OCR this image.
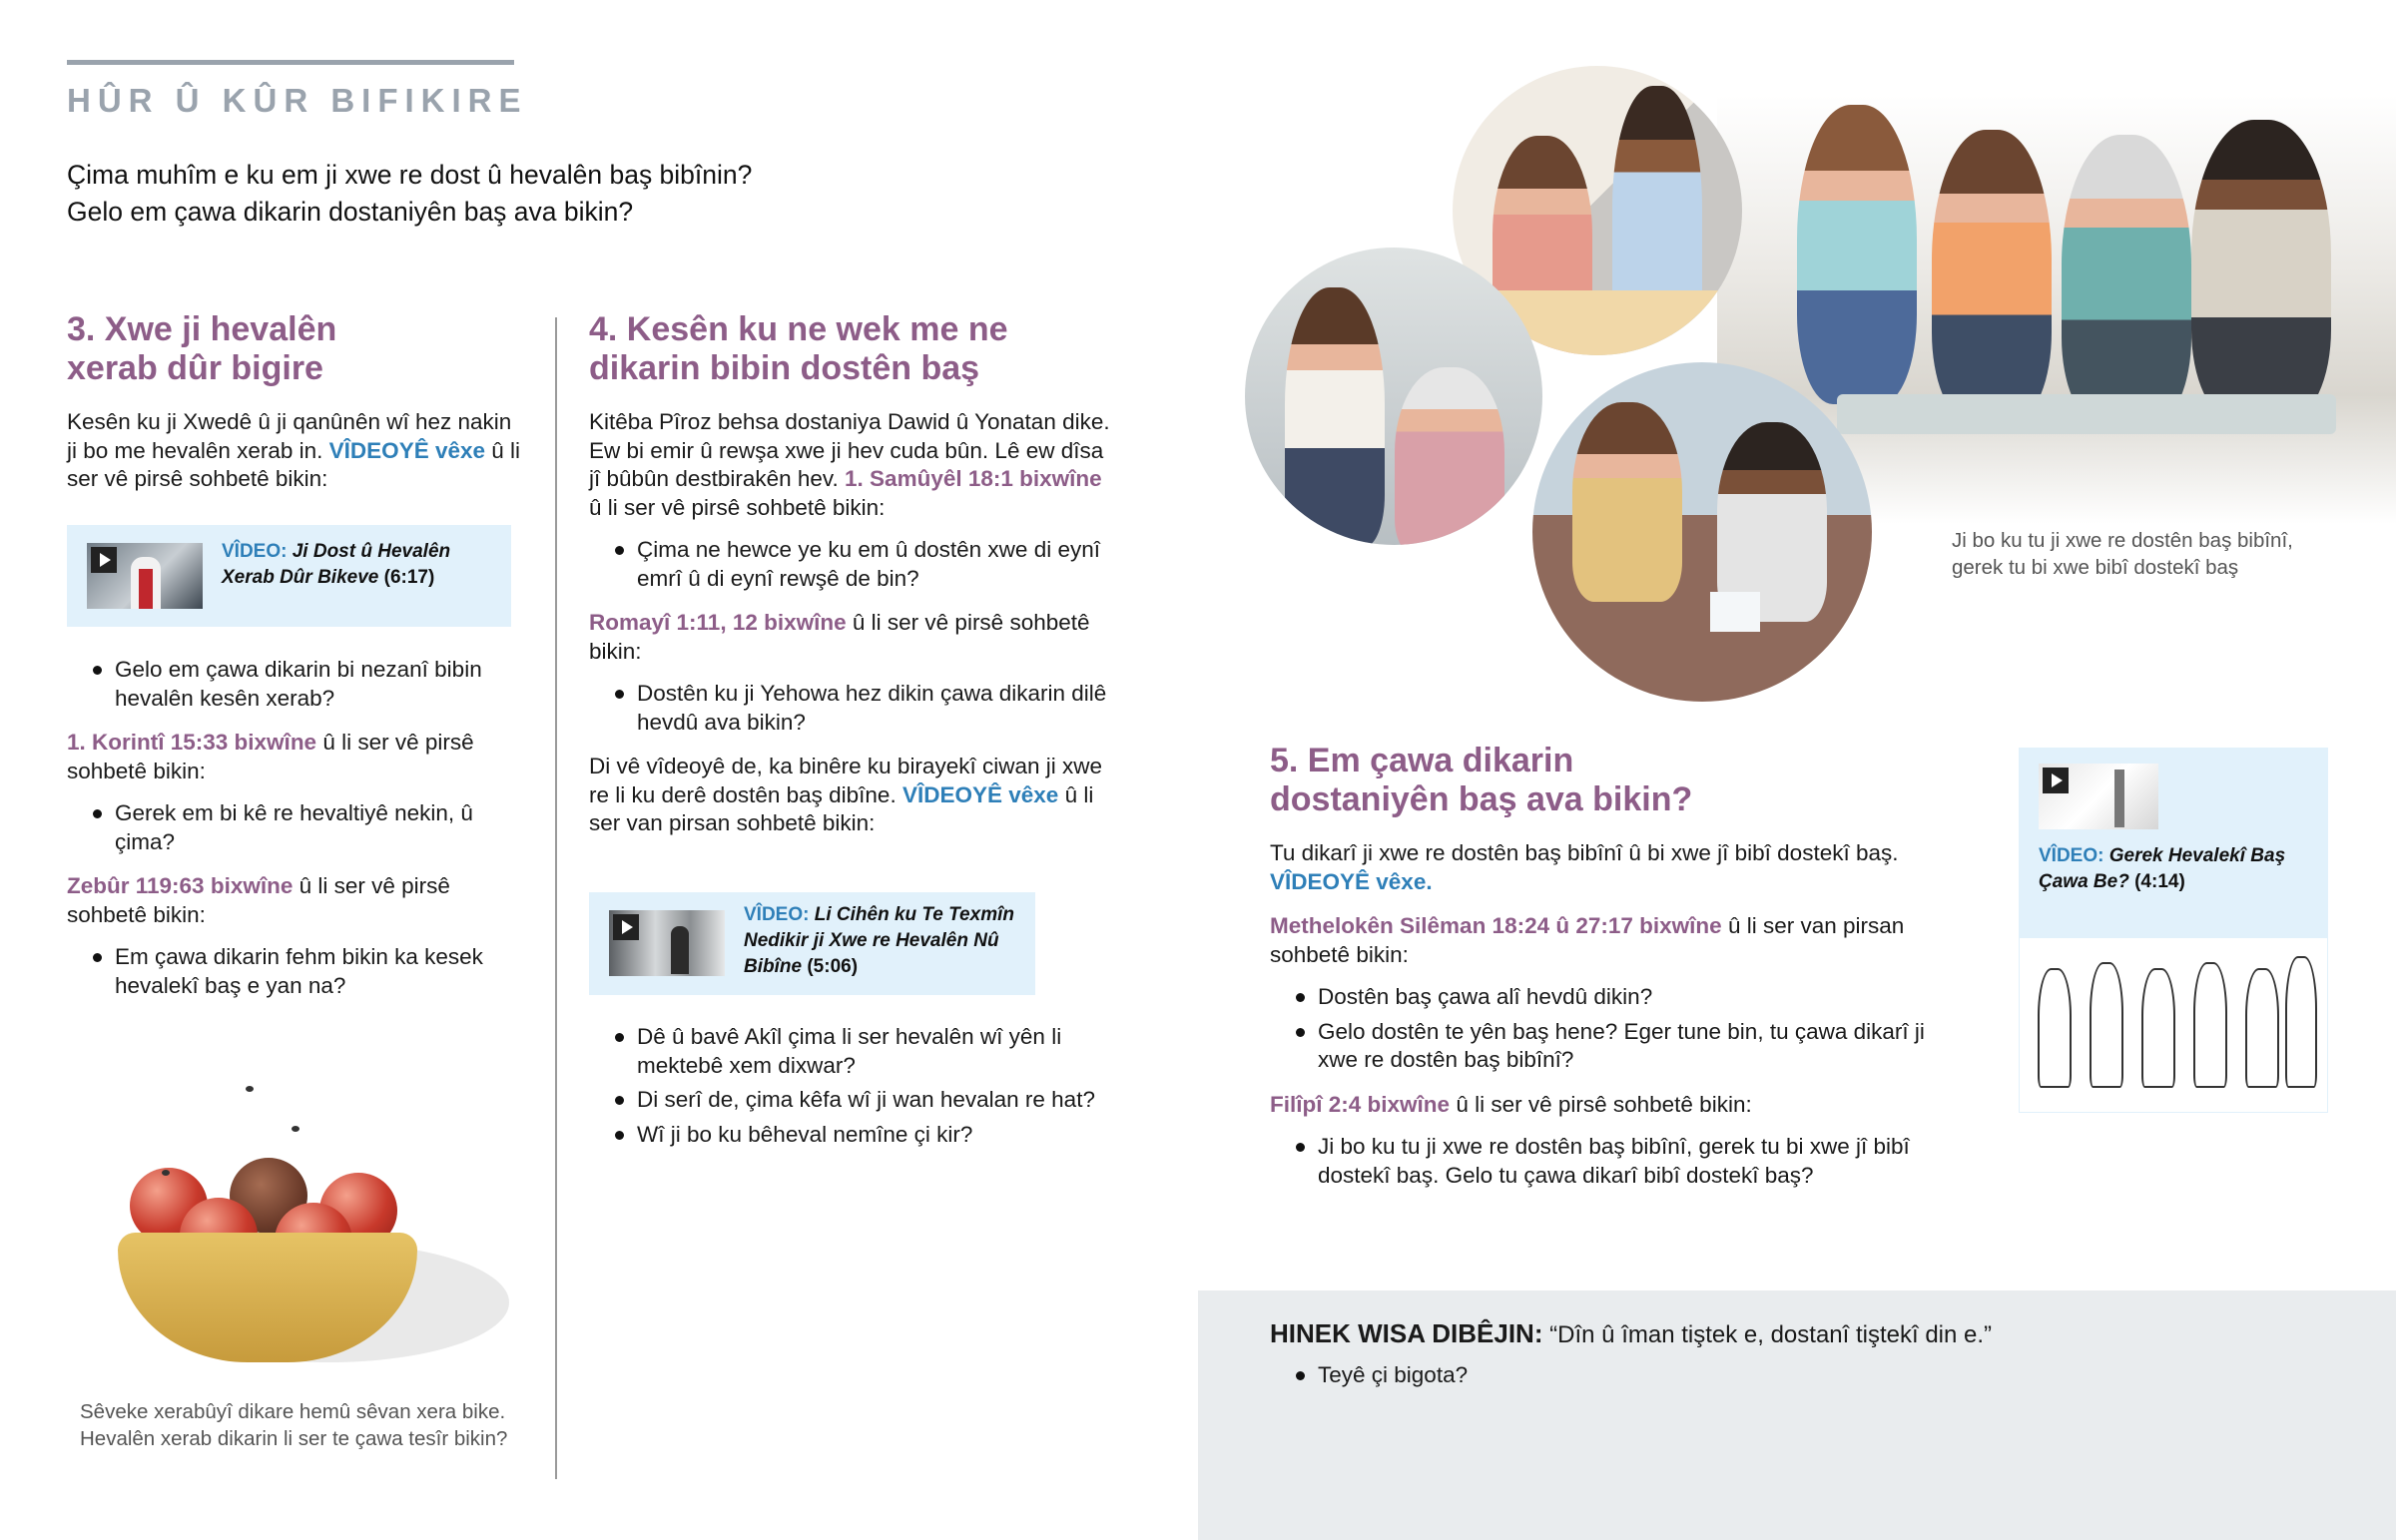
HÛR Û KÛR BIFIKIRE
Çima muhîm e ku em ji xwe re dost û hevalên baş bibînin?
Gelo em çawa dikarin dostaniyên baş ava bikin?
3. Xwe ji hevalên
xerab dûr bigire

Kesên ku ji Xwedê û ji qanûnên wî hez nakin ji bo me hevalên xerab in. VÎDEOYÊ vêxe û li ser vê pirsê sohbetê bikin:

VÎDEO: Ji Dost û Hevalên Xerab Dûr Bikeve (6:17)
Gelo em çawa dikarin bi nezanî bibin hevalên kesên xerab?

1. Korintî 15:33 bixwîne û li ser vê pirsê sohbetê bikin:

Gerek em bi kê re hevaltiyê nekin, û çima?

Zebûr 119:63 bixwîne û li ser vê pirsê sohbetê bikin:

Em çawa dikarin fehm bikin ka kesek hevalekî baş e yan na?
Sêveke xerabûyî dikare hemû sêvan xera bike.
Hevalên xerab dikarin li ser te çawa tesîr bikin?
4. Kesên ku ne wek me ne
dikarin bibin dostên baş

Kitêba Pîroz behsa dostaniya Dawid û Yonatan dike. Ew bi emir û rewşa xwe ji hev cuda bûn. Lê ew dîsa jî bûbûn destbirakên hev. 1. Samûyêl 18:1 bixwîne û li ser vê pirsê sohbetê bikin:

Çima ne hewce ye ku em û dostên xwe di eynî emrî û di eynî rewşê de bin?

Romayî 1:11, 12 bixwîne û li ser vê pirsê sohbetê bikin:

Dostên ku ji Yehowa hez dikin çawa dikarin dilê hevdû ava bikin?

Di vê vîdeoyê de, ka binêre ku birayekî ciwan ji xwe re li ku derê dostên baş dibîne. VÎDEOYÊ vêxe û li ser van pirsan sohbetê bikin:

VÎDEO: Li Cihên ku Te Texmîn Nedikir ji Xwe re Hevalên Nû Bibîne (5:06)
Dê û bavê Akîl çima li ser hevalên wî yên li mektebê xem dixwar?
Di serî de, çima kêfa wî ji wan hevalan re hat?
Wî ji bo ku bêheval nemîne çi kir?
Ji bo ku tu ji xwe re dostên baş bibînî,
gerek tu bi xwe bibî dostekî baş
5. Em çawa dikarin
dostaniyên baş ava bikin?

Tu dikarî ji xwe re dostên baş bibînî û bi xwe jî bibî dostekî baş. VÎDEOYÊ vêxe.

Methelokên Silêman 18:24 û 27:17 bixwîne û li ser van pirsan sohbetê bikin:

Dostên baş çawa alî hevdû dikin?
Gelo dostên te yên baş hene? Eger tune bin, tu çawa dikarî ji xwe re dostên baş bibînî?

Filîpî 2:4 bixwîne û li ser vê pirsê sohbetê bikin:

Ji bo ku tu ji xwe re dostên baş bibînî, gerek tu bi xwe jî bibî dostekî baş. Gelo tu çawa dikarî bibî dostekî baş?
VÎDEO: Gerek Hevalekî Baş Çawa Be? (4:14)
HINEK WISA DIBÊJIN: “Dîn û îman tiştek e, dostanî tiştekî din e.”
Teyê çi bigota?
